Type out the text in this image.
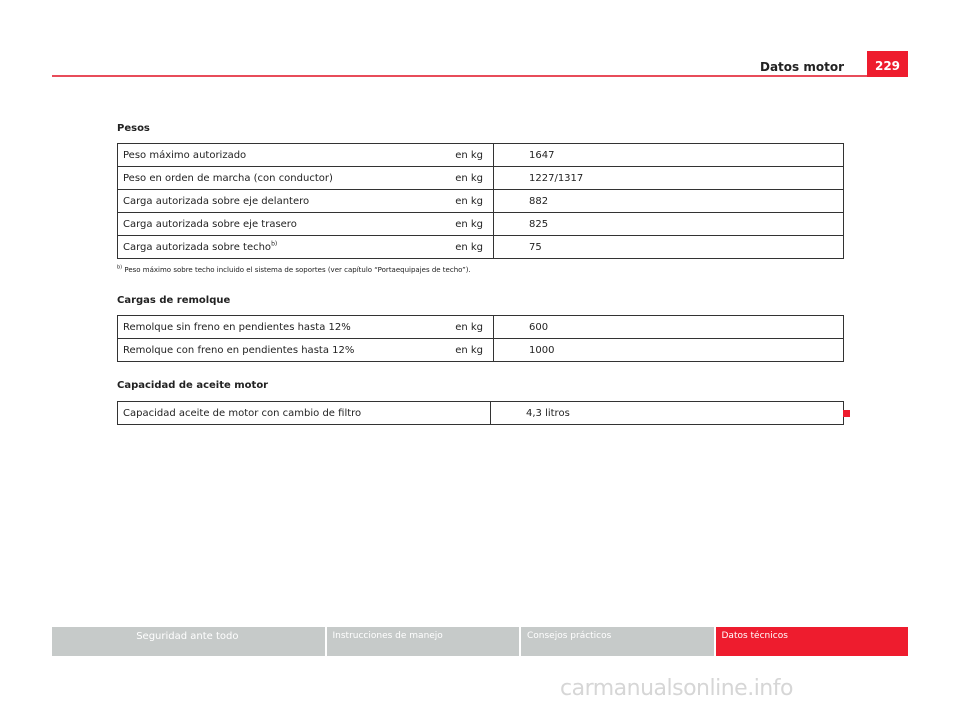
Datos motor	229
Pesos
Peso máximo autorizado	en kg	1647
Peso en orden de marcha (con conductor)	en kg	1227/1317
Carga autorizada sobre eje delantero	en kg	882
Carga autorizada sobre eje trasero	en kg	825
Carga autorizada sobre techo$^{b)}$	en kg	75
$^{b)}$ Peso máximo sobre techo incluido el sistema de soportes (ver capítulo “Portaequipajes de techo”).
Cargas de remolque
Remolque sin freno en pendientes hasta 12%	en kg	600
Remolque con freno en pendientes hasta 12%	en kg	1000
Capacidad de aceite motor
Capacidad aceite de motor con cambio de filtro	4,3 litros
Seguridad ante todo	Instrucciones de manejo	Consejos prácticos	Datos técnicos
carmanualsonline.info
